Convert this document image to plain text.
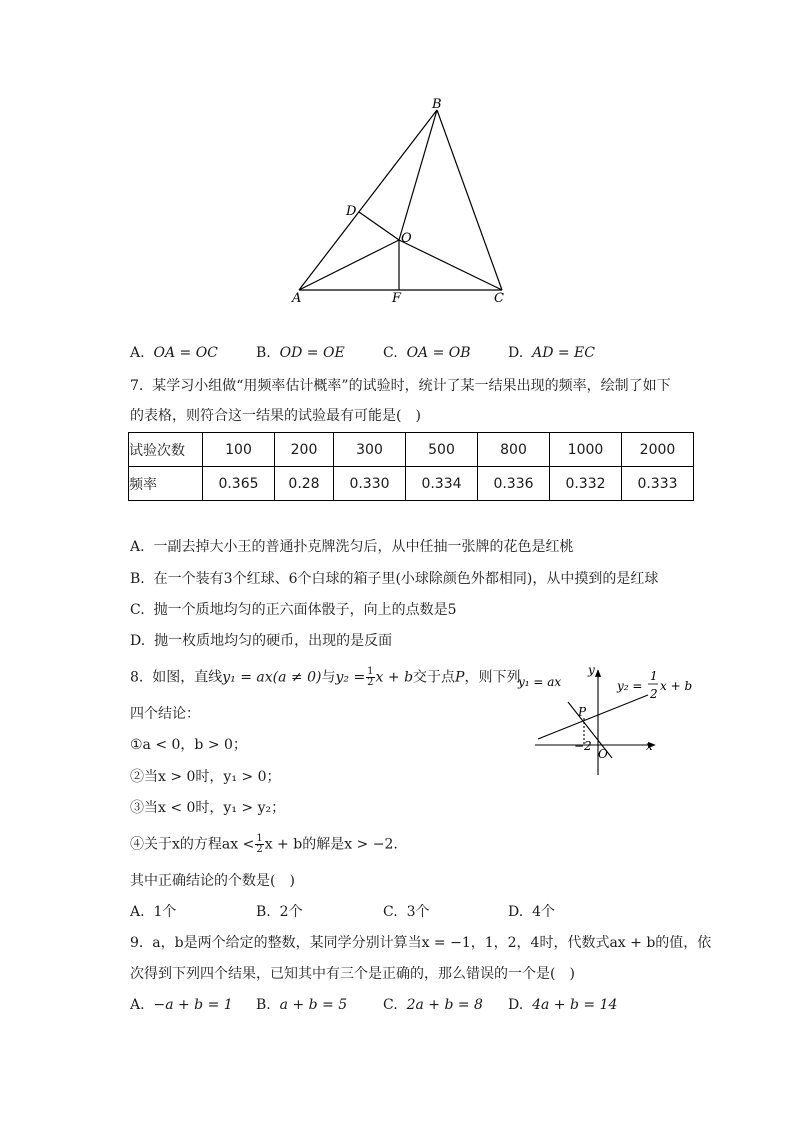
B
D
O
A	F	C
A. OA = OC	B. OD = OE	C. OA = OB	D. AD = EC
7. 某学习小组做“用频率估计概率”的试验时，统计了某一结果出现的频率，绘制了如下
的表格，则符合这一结果的试验最有可能是(　)
试验次数	100	200	300	500	800	1000	2000
频率	0.365	0.28	0.330	0.334	0.336	0.332	0.333
A. 一副去掉大小王的普通扑克牌洗匀后，从中任抽一张牌的花色是红桃
B. 在一个装有3个红球、6个白球的箱子里(小球除颜色外都相同)，从中摸到的是红球
C. 抛一个质地均匀的正六面体骰子，向上的点数是5
D. 抛一枚质地均匀的硬币，出现的是反面
8. 如图，直线y₁ = ax(a ≠ 0)与$y_2 = \frac{1}{2}$ x + b交于点P，则下列
四个结论：
①a < 0，b > 0；
②当x > 0时，y₁ > 0；
③当x < 0时，y₁ > y₂；
④关于x的方程ax < $\frac{1}{2}$ x + b的解是x > −2.
其中正确结论的个数是(　)
A. 1个	B. 2个	C. 3个	D. 4个
y₁ = ax	y₂ =
1
2
x + b
y
x
P
−2
O
9. a，b是两个给定的整数，某同学分别计算当x = −1，1，2，4时，代数式ax + b的值，依
次得到下列四个结果，已知其中有三个是正确的，那么错误的一个是(　)
A. −a + b = 1 B. a + b = 5	C. 2a + b = 8 D. 4a + b = 14
